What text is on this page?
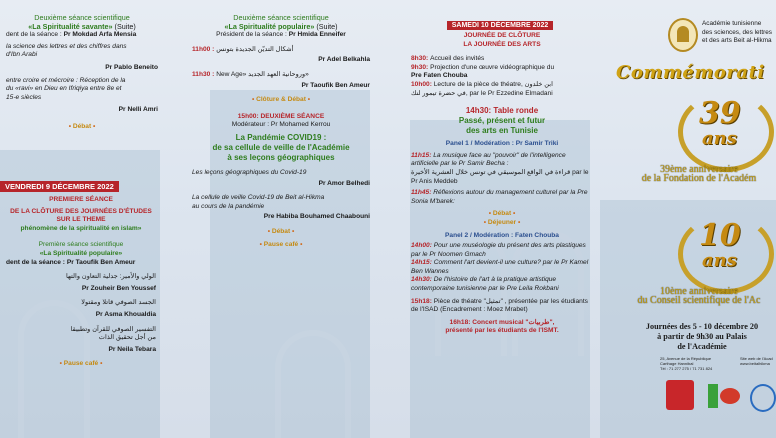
Deuxième séance scientifique

«La Spiritualité savante» (Suite)

dent de la séance : Pr Mokdad Arfa Mensia

la science des lettres et des chiffres dans

d'Ibn Arabi

Pr Pablo Beneito

entre croire et mécroire : Réception de la

du «ravi» en Dieu en Ifriqiya entre 8e et

15-e siècles

Pr Nelli Amri

• Débat •

VENDREDI 9 DÉCEMBRE 2022

PREMIERE SÉANCE

DE LA CLÔTURE DES JOURNÉES D'ÉTUDES

SUR LE THEME

phénomène de la spiritualité en islam»

Première séance scientifique

«La Spiritualité populaire»

dent de la séance : Pr Taoufik Ben Ameur

الولي والأمير: جدلية التعاون والتها

Pr Zouheir Ben Youssef

الجسد الصوفي قاتلا ومقتولا

Pr Asma Khoualdia

التفسير الصوفي للقرآن وتطبيقا

من أجل تحقيق الذات

Pr Neila Tebara

• Pause café •

Deuxième séance scientifique

«La Spiritualité populaire» (Suite)

Président de la séance : Pr Hmida Enneifer

11h00 : أشكال التديّن الجديدة بتونس

Pr Adel Belkahla

11h30 : New Age» وروحانية العهد الجديد»

Pr Taoufik Ben Ameur

• Clôture & Débat •

15h00: DEUXIÈME SÉANCE

Modérateur : Pr Mohamed Kerrou

La Pandémie COVID19 :

de sa cellule de veille de l'Académie

à ses leçons géographiques

Les leçons géographiques du Covid-19

Pr Amor Belhedi

La cellule de veille Covid-19 de Beit al-Hikma

au cours de la pandémie

Pre Habiba Bouhamed Chaabouni

• Débat •

• Pause café •

SAMEDI 10 DÉCEMBRE 2022

JOURNÉE DE CLÔTURE

LA JOURNÉE DES ARTS

8h30: Accueil des invités

9h30: Projection d'une œuvre vidéographique du

Pre Faten Chouba

10h00: Lecture de la pièce de théatre, ابن خلدون

في حضرة تيمور لنك, par le Pr Ezzedine Elmadani

14h30: Table ronde

Passé, présent et futur

des arts en Tunisie

Panel 1 / Modération : Pr Samir Triki

11h15: La musique face au "pouvoir" de l'intelligence artificielle par le Pr Samir Becha :

قراءة في الواقع الموسيقي في تونس خلال العشرية الأخيرة par le Pr Anis Meddeb

11h45: Réflexions autour du management culturel par la Pre Sonia M'barek:

• Débat •

• Déjeuner •

Panel 2 / Modération : Faten Chouba

14h00: Pour une muséologie du présent des arts plastiques par le Pr Noomen Gmach

14h15: Comment l'art devient-il une culture? par le Pr Kamel Ben Wannes

14h30: De l'histoire de l'art à la pratique artistique contemporaine tunisienne par le Pre Leila Rokbani

15h18: Pièce de théatre "تمثيل" , présentée par les étudiants de l'ISAD (Encadrement : Moez Mrabet)

16h18: Concert musical "طربيات",

présenté par les étudiants de l'ISMT.

Académie tunisienne

des sciences, des lettres

et des arts Beit al-Hikma

Commémorati
39
ans

39ème anniversaire

de la Fondation de l'Académ

10
ans

10ème anniversaire

du Conseil scientifique de l'Ac

Journées des 5 - 10 décembre 20

à partir de 9h30 au Palais

de l'Académie

25, Avenue de la République

Carthage Hannibal

Tél : 71 277 275 / 71 731 824

Site web de l'Acad

www.beitalhikma
